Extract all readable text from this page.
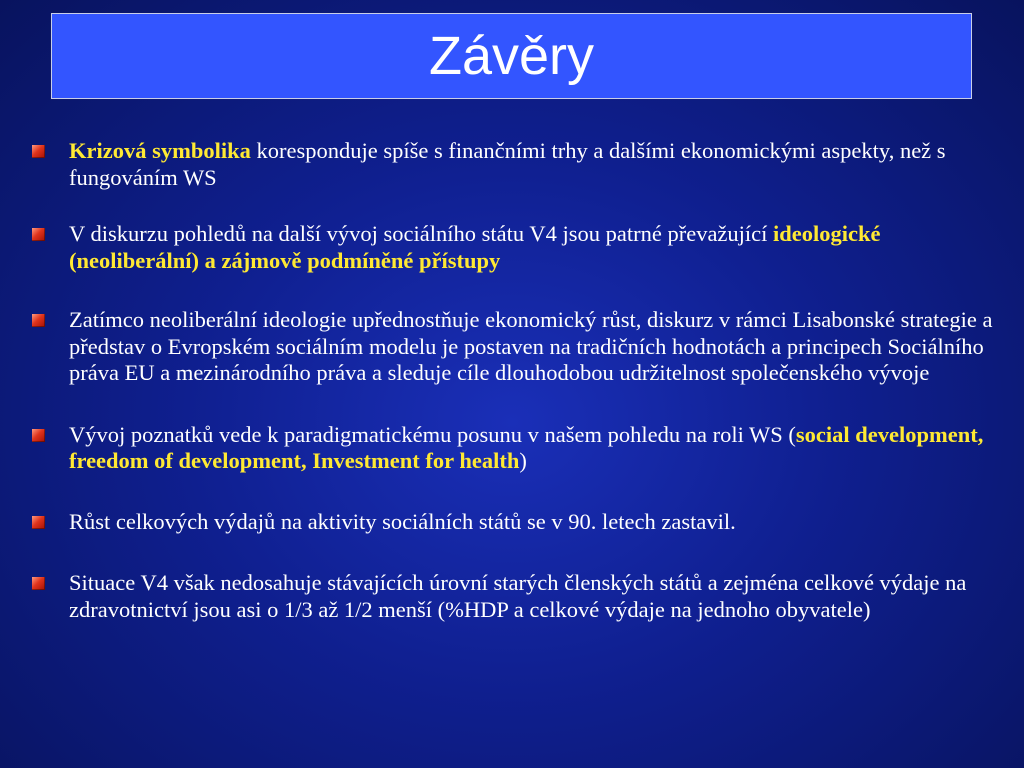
Závěry
Krizová symbolika koresponduje spíše s finančními trhy a dalšími ekonomickými aspekty, než s fungováním WS
V diskurzu pohledů na další vývoj sociálního státu V4 jsou patrné převažující ideologické (neoliberální) a zájmově podmíněné přístupy
Zatímco neoliberální ideologie upřednostňuje ekonomický růst, diskurz v rámci Lisabonské strategie a představ o Evropském sociálním modelu je postaven na tradičních hodnotách a principech Sociálního práva EU a mezinárodního práva a sleduje cíle dlouhodobou udržitelnost společenského vývoje
Vývoj poznatků vede k paradigmatickému posunu v našem pohledu na roli WS (social development, freedom of development, Investment for health)
Růst celkových výdajů na aktivity sociálních států se v 90. letech zastavil.
Situace V4 však nedosahuje stávajících úrovní starých členských států a zejména celkové výdaje na zdravotnictví jsou asi o 1/3 až 1/2 menší (%HDP a celkové výdaje na jednoho obyvatele)
